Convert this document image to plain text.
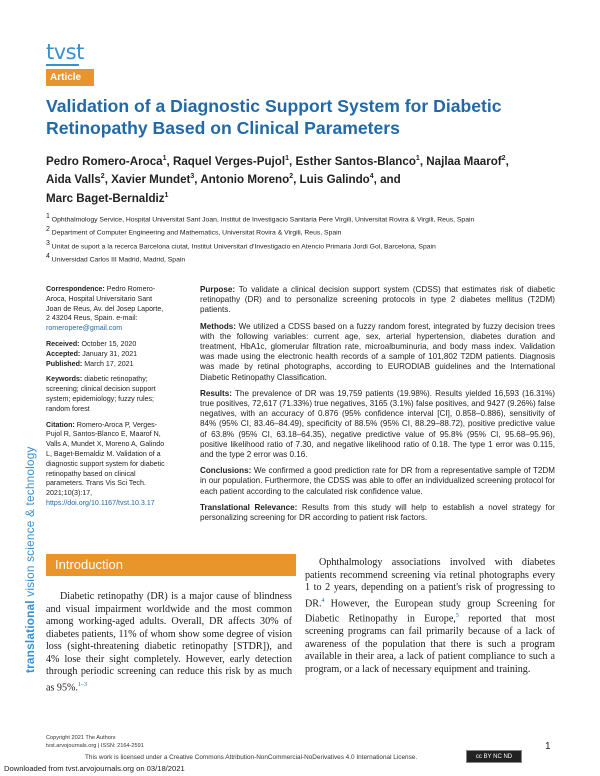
tvst
Article
Validation of a Diagnostic Support System for Diabetic Retinopathy Based on Clinical Parameters
Pedro Romero-Aroca$^1$, Raquel Verges-Pujol$^1$, Esther Santos-Blanco$^1$, Najlaa Maarof$^2$,
Aida Valls$^2$, Xavier Mundet$^3$, Antonio Moreno$^2$, Luis Galindo$^4$, and
Marc Baget-Bernaldiz$^1$
$^1$ Ophthalmology Service, Hospital Universitat Sant Joan, Institut de Investigacio Sanitaria Pere Virgili, Universitat Rovira & Virgili, Reus, Spain
$^2$ Department of Computer Engineering and Mathematics, Universitat Rovira & Virgili, Reus, Spain
$^3$ Unitat de suport a la recerca Barcelona ciutat, Institut Universitari d'Investigacio en Atencio Primaria Jordi Gol, Barcelona, Spain
$^4$ Universidad Carlos III Madrid, Madrid, Spain

Correspondence: Pedro Romero-Aroca, Hospital Universitario Sant Joan de Reus, Av. del Josep Laporte, 2 43204 Reus, Spain. e-mail: romeropere@gmail.com

Received: October 15, 2020
Accepted: January 31, 2021
Published: March 17, 2021

Keywords: diabetic retinopathy; screening; clinical decision support system; epidemiology; fuzzy rules; random forest

Citation: Romero-Aroca P, Verges-Pujol R, Santos-Blanco E, Maarof N, Valls A, Mundet X, Moreno A, Galindo L, Baget-Bernaldiz M. Validation of a diagnostic support system for diabetic retinopathy based on clinical parameters. Trans Vis Sci Tech. 2021;10(3):17, https://doi.org/10.1167/tvst.10.3.17

translational vision science & technology

Purpose: To validate a clinical decision support system (CDSS) that estimates risk of diabetic retinopathy (DR) and to personalize screening protocols in type 2 diabetes mellitus (T2DM) patients.

Methods: We utilized a CDSS based on a fuzzy random forest, integrated by fuzzy decision trees with the following variables: current age, sex, arterial hypertension, diabetes duration and treatment, HbA1c, glomerular filtration rate, microalbuminuria, and body mass index. Validation was made using the electronic health records of a sample of 101,802 T2DM patients. Diagnosis was made by retinal photographs, according to EURODIAB guidelines and the International Diabetic Retinopathy Classification.

Results: The prevalence of DR was 19,759 patients (19.98%). Results yielded 16,593 (16.31%) true positives, 72,617 (71.33%) true negatives, 3165 (3.1%) false positives, and 9427 (9.26%) false negatives, with an accuracy of 0.876 (95% confidence interval [CI], 0.858–0.886), sensitivity of 84% (95% CI, 83.46–84.49), specificity of 88.5% (95% CI, 88.29–88.72), positive predictive value of 63.8% (95% CI, 63.18–64.35), negative predictive value of 95.8% (95% CI, 95.68–95.96), positive likelihood ratio of 7.30, and negative likelihood ratio of 0.18. The type 1 error was 0.115, and the type 2 error was 0.16.

Conclusions: We confirmed a good prediction rate for DR from a representative sample of T2DM in our population. Furthermore, the CDSS was able to offer an individualized screening protocol for each patient according to the calculated risk confidence value.

Translational Relevance: Results from this study will help to establish a novel strategy for personalizing screening for DR according to patient risk factors.

Introduction

Diabetic retinopathy (DR) is a major cause of blindness and visual impairment worldwide and the most common among working-aged adults. Overall, DR affects 30% of diabetes patients, 11% of whom show some degree of vision loss (sight-threatening diabetic retinopathy [STDR]), and 4% lose their sight completely. However, early detection through periodic screening can reduce this risk by as much as 95%.$^{1-3}$

Ophthalmology associations involved with diabetes patients recommend screening via retinal photographs every 1 to 2 years, depending on a patient's risk of progressing to DR.$^4$ However, the European study group Screening for Diabetic Retinopathy in Europe,$^5$ reported that most screening programs can fail primarily because of a lack of awareness of the population that there is such a program available in their area, a lack of patient compliance to such a program, or a lack of necessary equipment and training.

Copyright 2021 The Authors
tvst.arvojournals.org | ISSN: 2164-2591	1
This work is licensed under a Creative Commons Attribution-NonCommercial-NoDerivatives 4.0 International License.	cc BY NC ND
Downloaded from tvst.arvojournals.org on 03/18/2021
